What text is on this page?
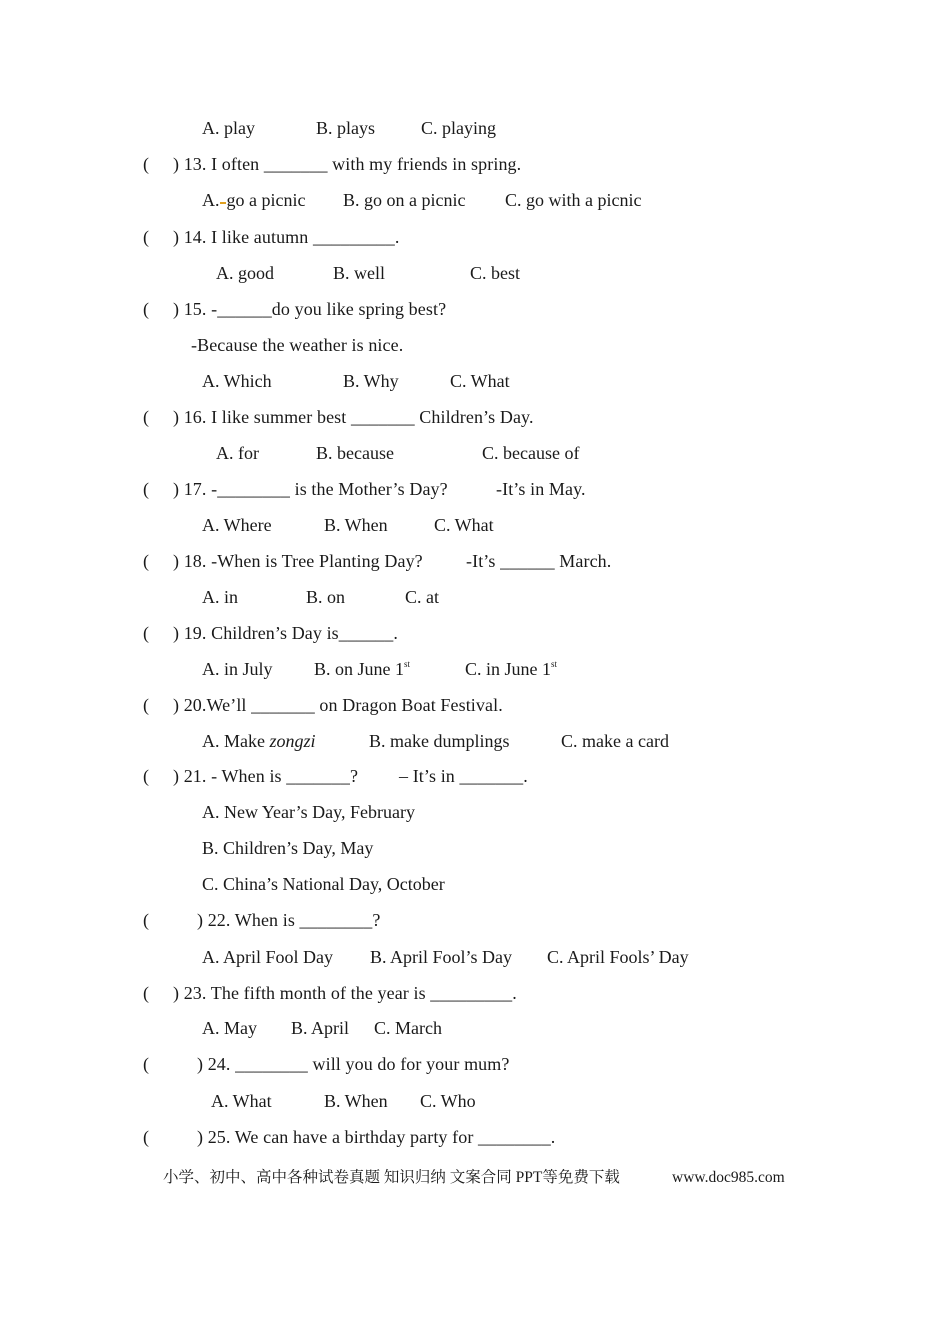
A. play	B. plays	C. playing
( ) 13. I often _______ with my friends in spring.
A. go a picnic B. go on a picnic C. go with a picnic
( ) 14. I like autumn _________.
A. good	B. well	C. best
( ) 15. -______do you like spring best?
-Because the weather is nice.
A. Which	B. Why	C. What
( ) 16. I like summer best _______ Children’s Day.
A. for	B. because	C. because of
( ) 17. -________ is the Mother’s Day?	-It’s in May.
A. Where	B. When	C. What
( ) 18. -When is Tree Planting Day? -It’s ______ March.
A. in	B. on	C. at
( ) 19. Children’s Day is______.
A. in July B. on June 1st	C. in June 1st
( ) 20.We’ll _______ on Dragon Boat Festival.
A. Make zongzi	B. make dumplings	C. make a card
( ) 21. - When is _______? – It’s in _______.
A. New Year’s Day, February
B. Children’s Day, May
C. China’s National Day, October
(	) 22. When is ________?
A. April Fool Day B. April Fool’s Day C. April Fools’ Day
( ) 23. The fifth month of the year is _________.
A. May B. April C. March
(	) 24. ________ will you do for your mum?
A. What	B. When C. Who
(	) 25. We can have a birthday party for ________.
小学、初中、高中各种试卷真题 知识归纳 文案合同 PPT等免费下载	www.doc985.com
